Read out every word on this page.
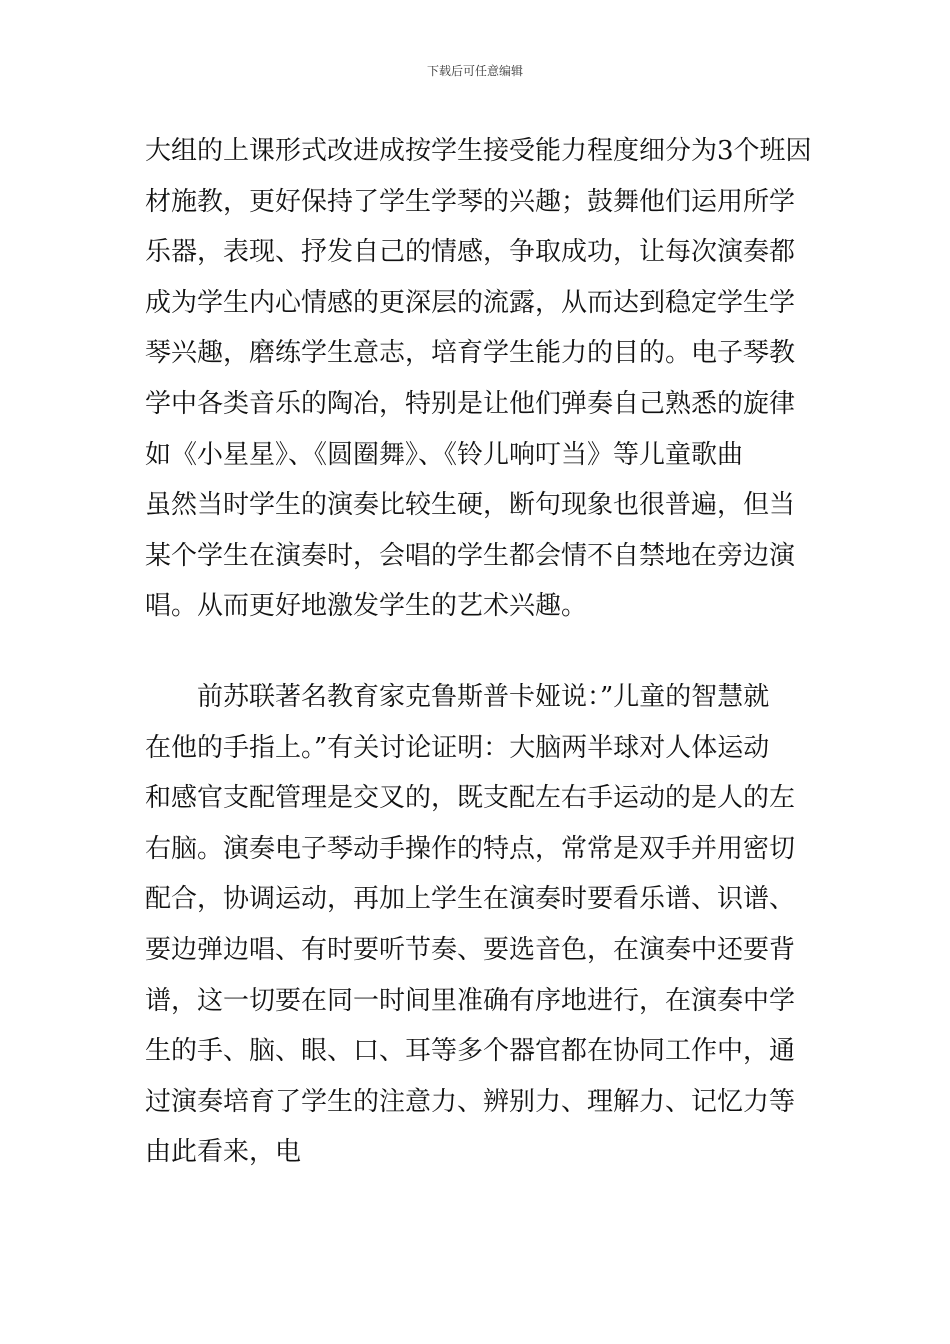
下载后可任意编辑
大组的上课形式改进成按学生接受能力程度细分为3个班因
材施教，更好保持了学生学琴的兴趣；鼓舞他们运用所学
乐器，表现、抒发自己的情感，争取成功，让每次演奏都
成为学生内心情感的更深层的流露，从而达到稳定学生学
琴兴趣，磨练学生意志，培育学生能力的目的。电子琴教
学中各类音乐的陶冶，特别是让他们弹奏自己熟悉的旋律
如《小星星》、《圆圈舞》、《铃儿响叮当》等儿童歌曲
虽然当时学生的演奏比较生硬，断句现象也很普遍，但当
某个学生在演奏时，会唱的学生都会情不自禁地在旁边演
唱。从而更好地激发学生的艺术兴趣。
前苏联著名教育家克鲁斯普卡娅说：”儿童的智慧就
在他的手指上。”有关讨论证明：大脑两半球对人体运动
和感官支配管理是交叉的，既支配左右手运动的是人的左
右脑。演奏电子琴动手操作的特点，常常是双手并用密切
配合，协调运动，再加上学生在演奏时要看乐谱、识谱、
要边弹边唱、有时要听节奏、要选音色，在演奏中还要背
谱，这一切要在同一时间里准确有序地进行，在演奏中学
生的手、脑、眼、口、耳等多个器官都在协同工作中，通
过演奏培育了学生的注意力、辨别力、理解力、记忆力等
由此看来，电
